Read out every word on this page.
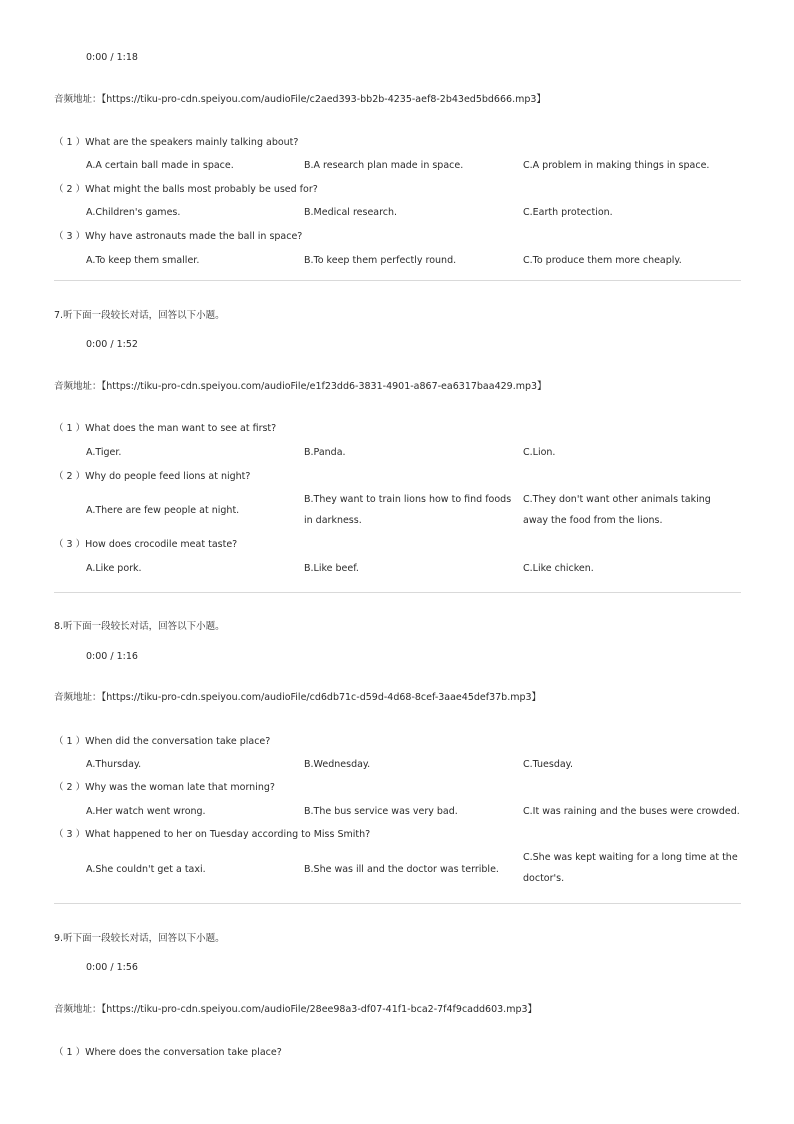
0:00 / 1:18
音频地址：【https://tiku-pro-cdn.speiyou.com/audioFile/c2aed393-bb2b-4235-aef8-2b43ed5bd666.mp3】
（ 1 ）What are the speakers mainly talking about?
A.A certain ball made in space.	B.A research plan made in space.	C.A problem in making things in space.
（ 2 ）What might the balls most probably be used for?
A.Children's games.	B.Medical research.	C.Earth protection.
（ 3 ）Why have astronauts made the ball in space?
A.To keep them smaller.	B.To keep them perfectly round.	C.To produce them more cheaply.
7.听下面一段较长对话，回答以下小题。
0:00 / 1:52
音频地址：【https://tiku-pro-cdn.speiyou.com/audioFile/e1f23dd6-3831-4901-a867-ea6317baa429.mp3】
（ 1 ）What does the man want to see at first?
A.Tiger.	B.Panda.	C.Lion.
（ 2 ）Why do people feed lions at night?
A.There are few people at night.
B.They want to train lions how to find foods in darkness.
C.They don't want other animals taking away the food from the lions.
（ 3 ）How does crocodile meat taste?
A.Like pork.	B.Like beef.	C.Like chicken.
8.听下面一段较长对话，回答以下小题。
0:00 / 1:16
音频地址：【https://tiku-pro-cdn.speiyou.com/audioFile/cd6db71c-d59d-4d68-8cef-3aae45def37b.mp3】
（ 1 ）When did the conversation take place?
A.Thursday.	B.Wednesday.	C.Tuesday.
（ 2 ）Why was the woman late that morning?
A.Her watch went wrong.	B.The bus service was very bad.	C.It was raining and the buses were crowded.
（ 3 ）What happened to her on Tuesday according to Miss Smith?
A.She couldn't get a taxi.	B.She was ill and the doctor was terrible.
C.She was kept waiting for a long time at the doctor's.
9.听下面一段较长对话，回答以下小题。
0:00 / 1:56
音频地址：【https://tiku-pro-cdn.speiyou.com/audioFile/28ee98a3-df07-41f1-bca2-7f4f9cadd603.mp3】
（ 1 ）Where does the conversation take place?
